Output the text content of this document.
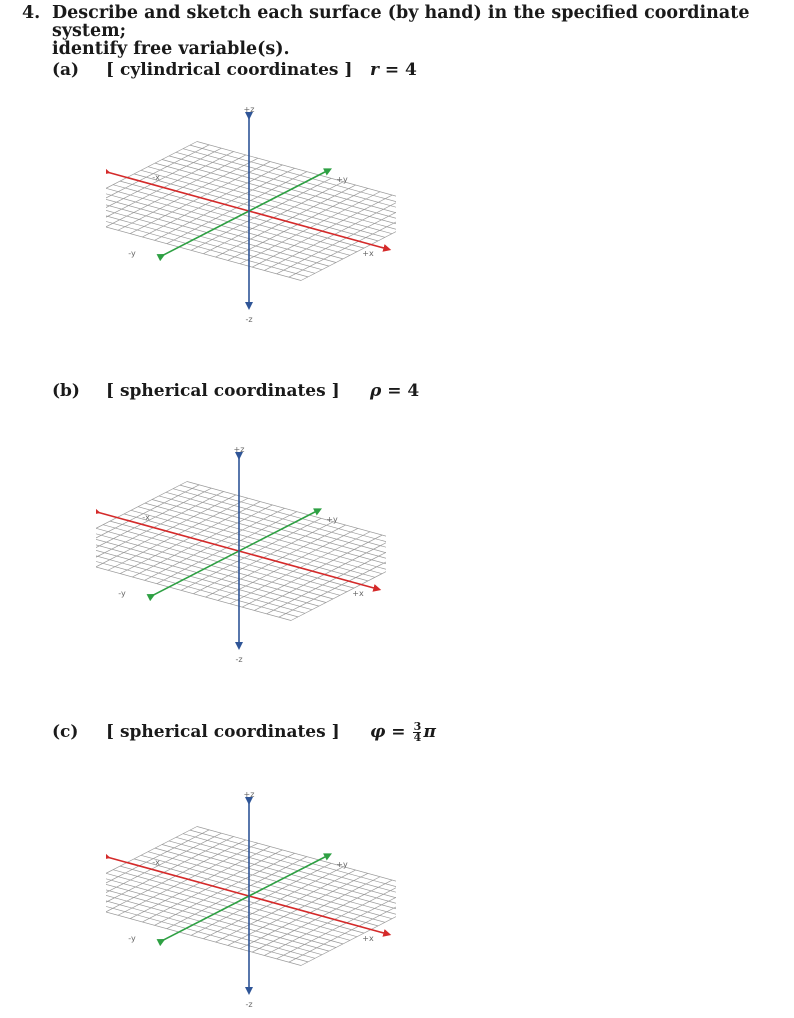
4. Describe and sketch each surface (by hand) in the specified coordinate system;
identify free variable(s).
(a) [ cylindrical coordinates ] r = 4
+z
-z
-x
+x
+y
-y
(b) [ spherical coordinates ] ρ = 4
+z
-z
-x
+x
+y
-y
(c) [ spherical coordinates ] $\varphi = \frac{3}{4}$ π
+z
-z
-x
+x
+y
-y
